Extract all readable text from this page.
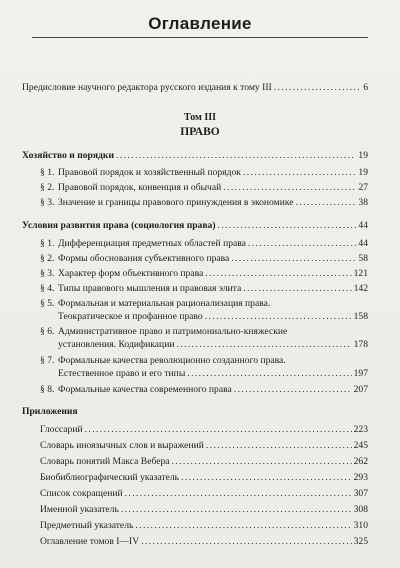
Оглавление
Предисловие научного редактора русского издания к тому III . . .	6
Том III
ПРАВО
Хозяйство и порядки . . .	19
§ 1. Правовой порядок и хозяйственный порядок . . .	19
§ 2. Правовой порядок, конвенция и обычай . . .	27
§ 3. Значение и границы правового принуждения в экономике . . .	38
Условия развития права (социология права) . . .	44
§ 1. Дифференциация предметных областей права . . .	44
§ 2. Формы обоснования субъективного права . . .	58
§ 3. Характер форм объективного права . . .	121
§ 4. Типы правового мышления и правовая элита . . .	142
§ 5. Формальная и материальная рационализация права.
Теократическое и профанное право . . .	158
§ 6. Административное право и патримониально-княжеские
установления. Кодификации . . .	178
§ 7. Формальные качества революционно созданного права.
Естественное право и его типы . . .	197
§ 8. Формальные качества современного права . . .	207
Приложения
Глоссарий . . .	223
Словарь иноязычных слов и выражений . . .	245
Словарь понятий Макса Вебера . . .	262
Биобиблиографический указатель . . .	293
Список сокращений . . .	307
Именной указатель . . .	308
Предметный указатель . . .	310
Оглавление томов I—IV . . .	325
